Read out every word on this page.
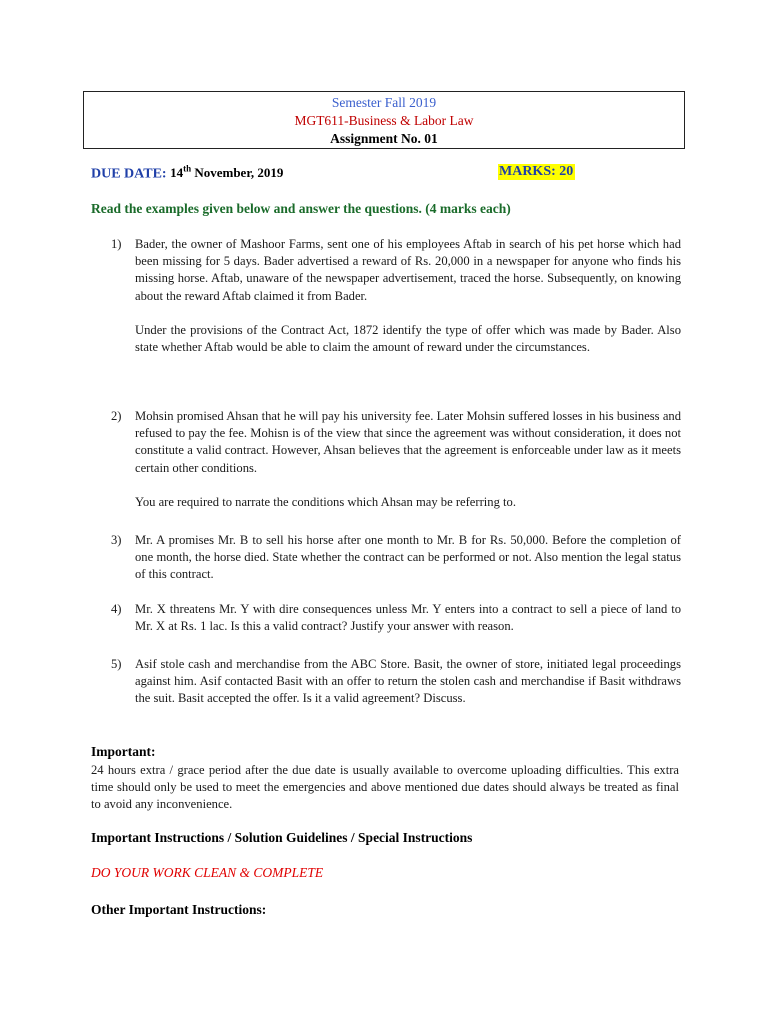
Semester Fall 2019
MGT611-Business & Labor Law
Assignment No. 01
DUE DATE: 14th November, 2019	MARKS: 20
Read the examples given below and answer the questions. (4 marks each)
1) Bader, the owner of Mashoor Farms, sent one of his employees Aftab in search of his pet horse which had been missing for 5 days. Bader advertised a reward of Rs. 20,000 in a newspaper for anyone who finds his missing horse. Aftab, unaware of the newspaper advertisement, traced the horse. Subsequently, on knowing about the reward Aftab claimed it from Bader.

Under the provisions of the Contract Act, 1872 identify the type of offer which was made by Bader. Also state whether Aftab would be able to claim the amount of reward under the circumstances.

2) Mohsin promised Ahsan that he will pay his university fee. Later Mohsin suffered losses in his business and refused to pay the fee. Mohisn is of the view that since the agreement was without consideration, it does not constitute a valid contract. However, Ahsan believes that the agreement is enforceable under law as it meets certain other conditions.

You are required to narrate the conditions which Ahsan may be referring to.

3) Mr. A promises Mr. B to sell his horse after one month to Mr. B for Rs. 50,000. Before the completion of one month, the horse died. State whether the contract can be performed or not. Also mention the legal status of this contract.

4) Mr. X threatens Mr. Y with dire consequences unless Mr. Y enters into a contract to sell a piece of land to Mr. X at Rs. 1 lac. Is this a valid contract? Justify your answer with reason.

5) Asif stole cash and merchandise from the ABC Store. Basit, the owner of store, initiated legal proceedings against him. Asif contacted Basit with an offer to return the stolen cash and merchandise if Basit withdraws the suit. Basit accepted the offer. Is it a valid agreement? Discuss.

Important:
24 hours extra / grace period after the due date is usually available to overcome uploading difficulties. This extra time should only be used to meet the emergencies and above mentioned due dates should always be treated as final to avoid any inconvenience.
Important Instructions / Solution Guidelines / Special Instructions
DO YOUR WORK CLEAN & COMPLETE
Other Important Instructions:
